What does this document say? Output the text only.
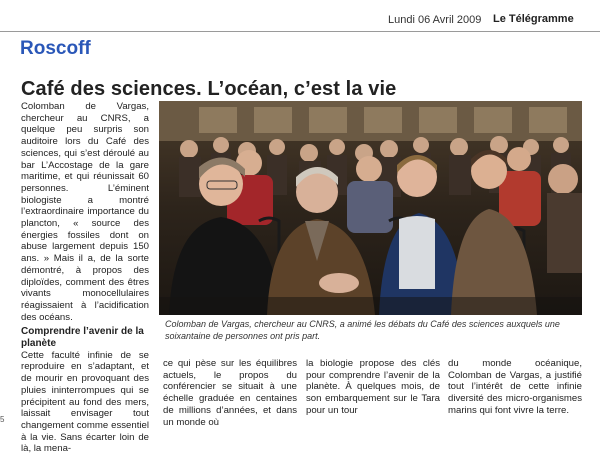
Lundi 06 Avril 2009 Le Télégramme
Roscoff
Café des sciences. L’océan, c’est la vie

Colomban de Vargas, chercheur au CNRS, a quelque peu surpris son auditoire lors du Café des sciences, qui s’est déroulé au bar L’Accostage de la gare maritime, et qui réunissait 60 personnes. L’éminent biologiste a montré l’extraordinaire importance du plancton, « source des énergies fossiles dont on abuse largement depuis 150 ans. » Mais il a, de la sorte démontré, à propos des diploïdes, comment des êtres vivants monocellulaires réagissaient à l’acidification des océans.

Comprendre l’avenir de la planète

Cette faculté infinie de se reproduire en s’adaptant, et de mourir en provoquant des pluies ininterrompues qui se précipitent au fond des mers, laissait envisager tout changement comme essentiel à la vie. Sans écarter loin de là, la mena-

Colomban de Vargas, chercheur au CNRS, a animé les débats du Café des sciences auxquels une soixantaine de personnes ont pris part.

ce qui pèse sur les équilibres actuels, le propos du conférencier se situait à une échelle graduée en centaines de millions d’années, et dans un monde où

la biologie propose des clés pour comprendre l’avenir de la planète. À quelques mois, de son embarquement sur le Tara pour un tour

du monde océanique, Colomban de Vargas, a justifié tout l’intérêt de cette infinie diversité des micro-organismes marins qui font vivre la terre.

5
